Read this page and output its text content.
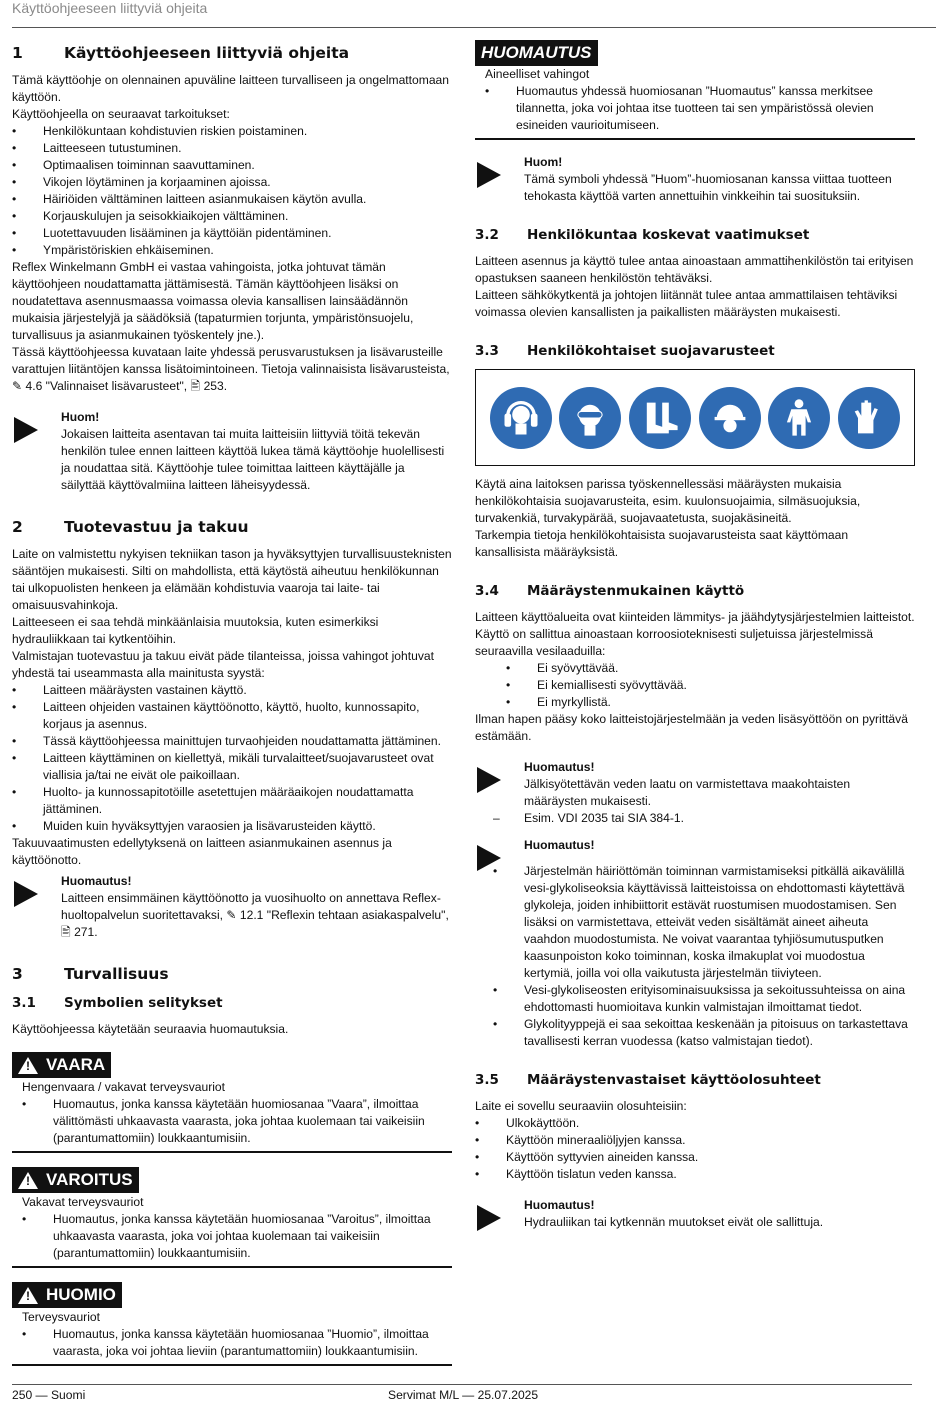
Käyttöohjeeseen liittyviä ohjeita
1	Käyttöohjeeseen liittyviä ohjeita

Tämä käyttöohje on olennainen apuväline laitteen turvalliseen ja ongelmattomaan käyttöön.

Käyttöohjeella on seuraavat tarkoitukset:

• Henkilökuntaan kohdistuvien riskien poistaminen.
• Laitteeseen tutustuminen.
• Optimaalisen toiminnan saavuttaminen.
• Vikojen löytäminen ja korjaaminen ajoissa.
• Häiriöiden välttäminen laitteen asianmukaisen käytön avulla.
• Korjauskulujen ja seisokkiaikojen välttäminen.
• Luotettavuuden lisääminen ja käyttöiän pidentäminen.
• Ympäristöriskien ehkäiseminen.

Reflex Winkelmann GmbH ei vastaa vahingoista, jotka johtuvat tämän käyttöohjeen noudattamatta jättämisestä. Tämän käyttöohjeen lisäksi on noudatettava asennusmaassa voimassa olevia kansallisen lainsäädännön mukaisia järjestelyjä ja säädöksiä (tapaturmien torjunta, ympäristönsuojelu, turvallisuus ja asianmukainen työskentely jne.).

Tässä käyttöohjeessa kuvataan laite yhdessä perusvarustuksen ja lisävarusteille varattujen liitäntöjen kanssa lisätoimintoineen. Tietoja valinnaisista lisävarusteista, ✎ 4.6 "Valinnaiset lisävarusteet", 🖹 253.

Huom!
Jokaisen laitteita asentavan tai muita laitteisiin liittyviä töitä tekevän henkilön tulee ennen laitteen käyttöä lukea tämä käyttöohje huolellisesti ja noudattaa sitä. Käyttöohje tulee toimittaa laitteen käyttäjälle ja säilyttää käyttövalmiina laitteen läheisyydessä.
2	Tuotevastuu ja takuu

Laite on valmistettu nykyisen tekniikan tason ja hyväksyttyjen turvallisuusteknisten sääntöjen mukaisesti. Silti on mahdollista, että käytöstä aiheutuu henkilökunnan tai ulkopuolisten henkeen ja elämään kohdistuvia vaaroja tai laite- tai omaisuusvahinkoja.

Laitteeseen ei saa tehdä minkäänlaisia muutoksia, kuten esimerkiksi hydrauliikkaan tai kytkentöihin.

Valmistajan tuotevastuu ja takuu eivät päde tilanteissa, joissa vahingot johtuvat yhdestä tai useammasta alla mainitusta syystä:

• Laitteen määräysten vastainen käyttö.
• Laitteen ohjeiden vastainen käyttöönotto, käyttö, huolto, kunnossapito, korjaus ja asennus.
• Tässä käyttöohjeessa mainittujen turvaohjeiden noudattamatta jättäminen.
• Laitteen käyttäminen on kiellettyä, mikäli turvalaitteet/suojavarusteet ovat viallisia ja/tai ne eivät ole paikoillaan.
• Huolto- ja kunnossapitotöille asetettujen määräaikojen noudattamatta jättäminen.
• Muiden kuin hyväksyttyjen varaosien ja lisävarusteiden käyttö.

Takuuvaatimusten edellytyksenä on laitteen asianmukainen asennus ja käyttöönotto.

Huomautus!
Laitteen ensimmäinen käyttöönotto ja vuosihuolto on annettava Reflex-huoltopalvelun suoritettavaksi, ✎ 12.1 "Reflexin tehtaan asiakaspalvelu", 🖹 271.
3	Turvallisuus
3.1	Symbolien selitykset

Käyttöohjeessa käytetään seuraavia huomautuksia.

! VAARA
Hengenvaara / vakavat terveysvauriot
• Huomautus, jonka kanssa käytetään huomiosanaa ”Vaara”, ilmoittaa välittömästi uhkaavasta vaarasta, joka johtaa kuolemaan tai vaikeisiin (parantumattomiin) loukkaantumisiin.
! VAROITUS
Vakavat terveysvauriot
• Huomautus, jonka kanssa käytetään huomiosanaa ”Varoitus”, ilmoittaa uhkaavasta vaarasta, joka voi johtaa kuolemaan tai vaikeisiin (parantumattomiin) loukkaantumisiin.
! HUOMIO
Terveysvauriot
• Huomautus, jonka kanssa käytetään huomiosanaa ”Huomio”, ilmoittaa vaarasta, joka voi johtaa lieviin (parantumattomiin) loukkaantumisiin.
HUOMAUTUS
Aineelliset vahingot
• Huomautus yhdessä huomiosanan ”Huomautus” kanssa merkitsee tilannetta, joka voi johtaa itse tuotteen tai sen ympäristössä olevien esineiden vaurioitumiseen.
Huom!
Tämä symboli yhdessä ”Huom”-huomiosanan kanssa viittaa tuotteen tehokasta käyttöä varten annettuihin vinkkeihin tai suosituksiin.
3.2	Henkilökuntaa koskevat vaatimukset

Laitteen asennus ja käyttö tulee antaa ainoastaan ammattihenkilöstön tai erityisen opastuksen saaneen henkilöstön tehtäväksi.

Laitteen sähkökytkentä ja johtojen liitännät tulee antaa ammattilaisen tehtäviksi voimassa olevien kansallisten ja paikallisten määräysten mukaisesti.

3.3	Henkilökohtaiset suojavarusteet

Käytä aina laitoksen parissa työskennellessäsi määräysten mukaisia henkilökohtaisia suojavarusteita, esim. kuulonsuojaimia, silmäsuojuksia, turvakenkiä, turvakypärää, suojavaatetusta, suojakäsineitä.

Tarkempia tietoja henkilökohtaisista suojavarusteista saat käyttömaan kansallisista määräyksistä.

3.4	Määräystenmukainen käyttö

Laitteen käyttöalueita ovat kiinteiden lämmitys- ja jäähdytysjärjestelmien laitteistot. Käyttö on sallittua ainoastaan korroosioteknisesti suljetuissa järjestelmissä seuraavilla vesilaaduilla:

• Ei syövyttävää.
• Ei kemiallisesti syövyttävää.
• Ei myrkyllistä.

Ilman hapen pääsy koko laitteistojärjestelmään ja veden lisäsyöttöön on pyrittävä estämään.

Huomautus!
Jälkisyötettävän veden laatu on varmistettava maakohtaisten määräysten mukaisesti.
– Esim. VDI 2035 tai SIA 384-1.
Huomautus!
• Järjestelmän häiriöttömän toiminnan varmistamiseksi pitkällä aikavälillä vesi-glykoliseoksia käyttävissä laitteistoissa on ehdottomasti käytettävä glykoleja, joiden inhibiittorit estävät ruostumisen muodostamisen. Sen lisäksi on varmistettava, etteivät veden sisältämät aineet aiheuta vaahdon muodostumista. Ne voivat vaarantaa tyhjiösumutusputken kaasunpoiston koko toiminnan, koska ilmakuplat voi muodostua kertymiä, joilla voi olla vaikutusta järjestelmän tiiviyteen.
• Vesi-glykoliseosten erityisominaisuuksissa ja sekoitussuhteissa on aina ehdottomasti huomioitava kunkin valmistajan ilmoittamat tiedot.
• Glykolityyppejä ei saa sekoittaa keskenään ja pitoisuus on tarkastettava tavallisesti kerran vuodessa (katso valmistajan tiedot).
3.5	Määräystenvastaiset käyttöolosuhteet

Laite ei sovellu seuraaviin olosuhteisiin:

• Ulkokäyttöön.
• Käyttöön mineraaliöljyjen kanssa.
• Käyttöön syttyvien aineiden kanssa.
• Käyttöön tislatun veden kanssa.
Huomautus!
Hydrauliikan tai kytkennän muutokset eivät ole sallittuja.
250 — Suomi	Servimat M/L — 25.07.2025
